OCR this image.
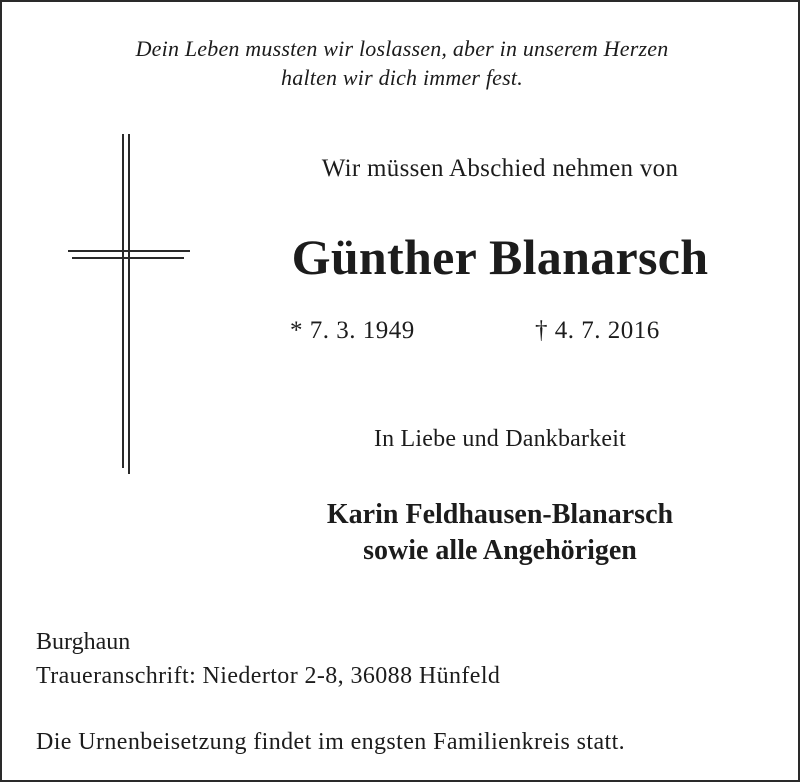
Dein Leben mussten wir loslassen, aber in unserem Herzen
halten wir dich immer fest.
Wir müssen Abschied nehmen von
Günther Blanarsch
* 7. 3. 1949	† 4. 7. 2016
In Liebe und Dankbarkeit
Karin Feldhausen-Blanarsch
sowie alle Angehörigen
Burghaun
Traueranschrift: Niedertor 2-8, 36088 Hünfeld
Die Urnenbeisetzung findet im engsten Familienkreis statt.
